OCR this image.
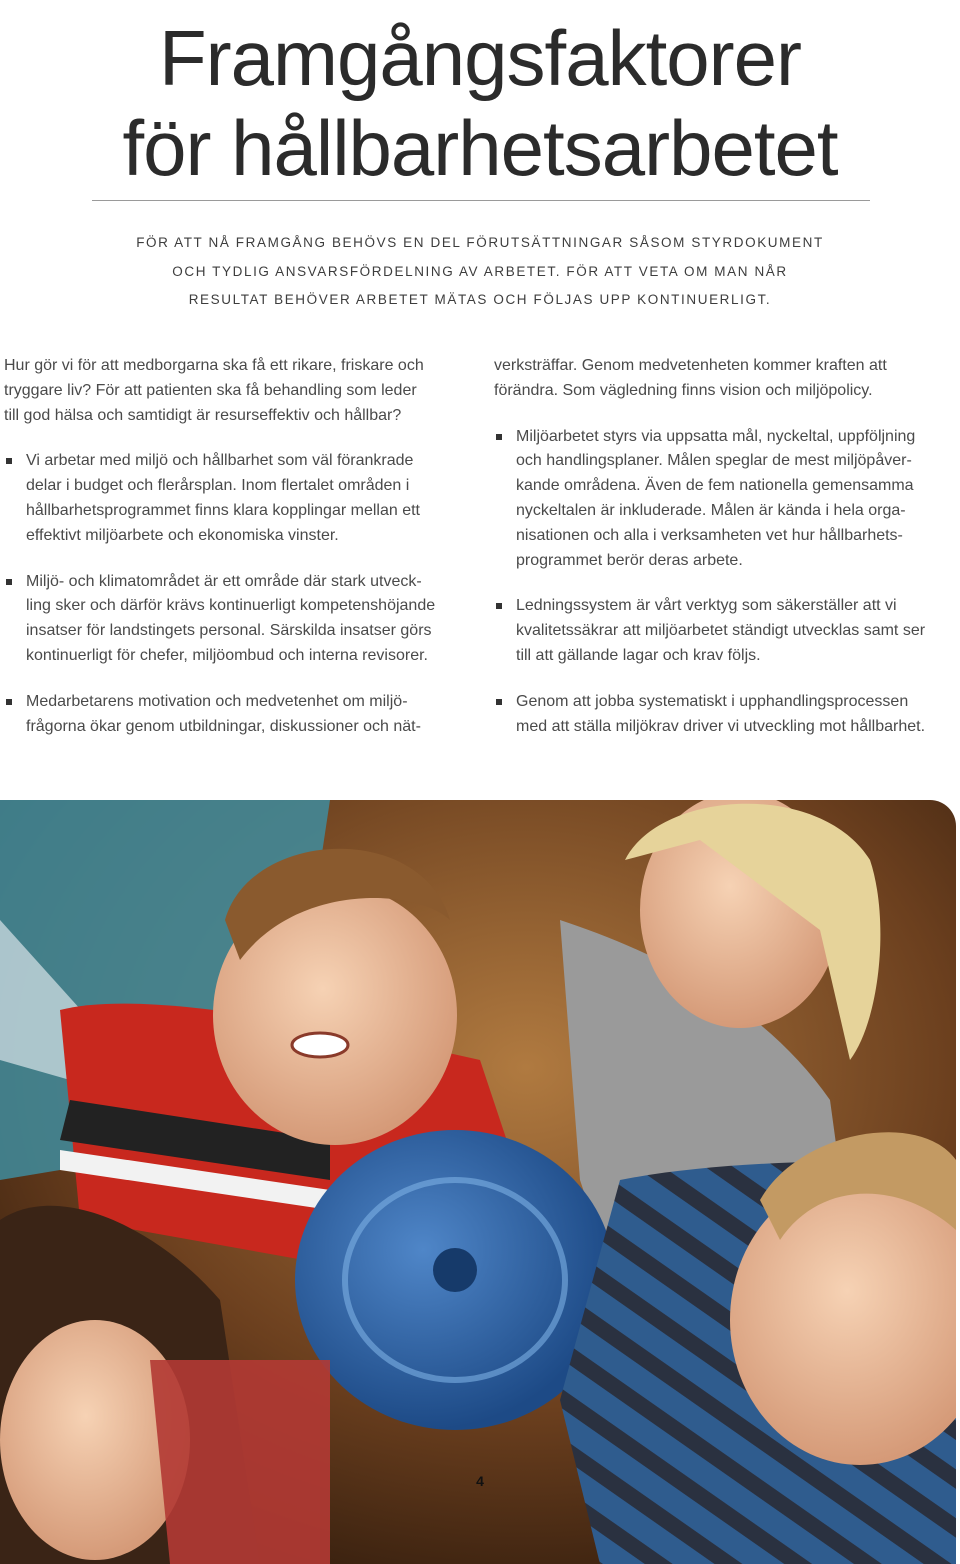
Framgångsfaktorer
för hållbarhetsarbetet
FÖR ATT NÅ FRAMGÅNG BEHÖVS EN DEL FÖRUTSÄTTNINGAR SÅSOM STYRDOKUMENT
OCH TYDLIG ANSVARSFÖRDELNING AV ARBETET. FÖR ATT VETA OM MAN NÅR
RESULTAT BEHÖVER ARBETET MÄTAS OCH FÖLJAS UPP KONTINUERLIGT.

Hur gör vi för att medborgarna ska få ett rikare, friskare och
tryggare liv? För att patienten ska få behandling som leder
till god hälsa och samtidigt är resurseffektiv och hållbar?

Vi arbetar med miljö och hållbarhet som väl förankrade
delar i budget och flerårsplan. Inom flertalet områden i
hållbarhetsprogrammet finns klara kopplingar mellan ett
effektivt miljöarbete och ekonomiska vinster.
Miljö- och klimatområdet är ett område där stark utveck-
ling sker och därför krävs kontinuerligt kompetenshöjande
insatser för landstingets personal. Särskilda insatser görs
kontinuerligt för chefer, miljöombud och interna revisorer.
Medarbetarens motivation och medvetenhet om miljö-
frågorna ökar genom utbildningar, diskussioner och nät-

verksträffar. Genom medvetenheten kommer kraften att
förändra. Som vägledning finns vision och miljöpolicy.

Miljöarbetet styrs via uppsatta mål, nyckeltal, uppföljning
och handlingsplaner. Målen speglar de mest miljöpåver-
kande områdena. Även de fem nationella gemensamma
nyckeltalen är inkluderade. Målen är kända i hela orga-
nisationen och alla i verksamheten vet hur hållbarhets-
programmet berör deras arbete.
Ledningssystem är vårt verktyg som säkerställer att vi
kvalitetssäkrar att miljöarbetet ständigt utvecklas samt ser
till att gällande lagar och krav följs.
Genom att jobba systematiskt i upphandlingsprocessen
med att ställa miljökrav driver vi utveckling mot hållbarhet.
4
